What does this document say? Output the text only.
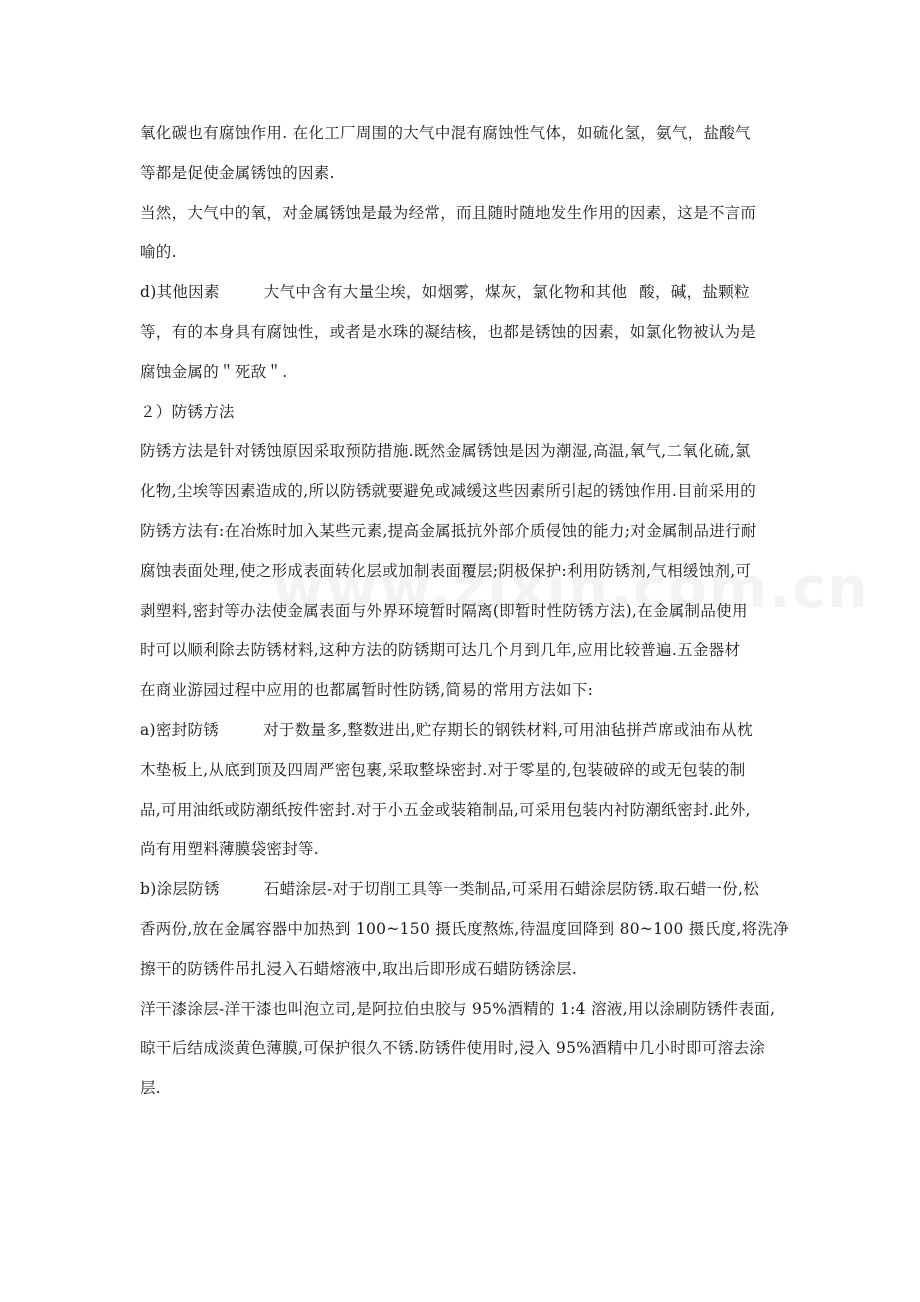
氧化碳也有腐蚀作用. 在化工厂周围的大气中混有腐蚀性气体，如硫化氢，氨气，盐酸气
等都是促使金属锈蚀的因素.
当然，大气中的氧，对金属锈蚀是最为经常，而且随时随地发生作用的因素，这是不言而
喻的.
d)其他因素	大气中含有大量尘埃，如烟雾，煤灰，氯化物和其他 酸，碱，盐颗粒
等，有的本身具有腐蚀性，或者是水珠的凝结核，也都是锈蚀的因素，如氯化物被认为是
腐蚀金属的＂死敌＂.
２）防锈方法
防锈方法是针对锈蚀原因采取预防措施.既然金属锈蚀是因为潮湿,高温,氧气,二氧化硫,氯
化物,尘埃等因素造成的,所以防锈就要避免或减缓这些因素所引起的锈蚀作用.目前采用的
防锈方法有:在冶炼时加入某些元素,提高金属抵抗外部介质侵蚀的能力;对金属制品进行耐
腐蚀表面处理,使之形成表面转化层或加制表面覆层;阴极保护:利用防锈剂,气相缓蚀剂,可
剥塑料,密封等办法使金属表面与外界环境暂时隔离(即暂时性防锈方法),在金属制品使用
时可以顺利除去防锈材料,这种方法的防锈期可达几个月到几年,应用比较普遍.五金器材
在商业游园过程中应用的也都属暂时性防锈,简易的常用方法如下:
a)密封防锈	对于数量多,整数进出,贮存期长的钢铁材料,可用油毡拼芦席或油布从枕
木垫板上,从底到顶及四周严密包裹,采取整垛密封.对于零星的,包装破碎的或无包装的制
品,可用油纸或防潮纸按件密封.对于小五金或装箱制品,可采用包装内衬防潮纸密封.此外,
尚有用塑料薄膜袋密封等.
b)涂层防锈	石蜡涂层-对于切削工具等一类制品,可采用石蜡涂层防锈.取石蜡一份,松
香两份,放在金属容器中加热到 100~150 摄氏度熬炼,待温度回降到 80~100 摄氏度,将洗净
擦干的防锈件吊扎浸入石蜡熔液中,取出后即形成石蜡防锈涂层.
洋干漆涂层-洋干漆也叫泡立司,是阿拉伯虫胶与 95%酒精的 1:4 溶液,用以涂刷防锈件表面,
晾干后结成淡黄色薄膜,可保护很久不锈.防锈件使用时,浸入 95%酒精中几小时即可溶去涂
层.
